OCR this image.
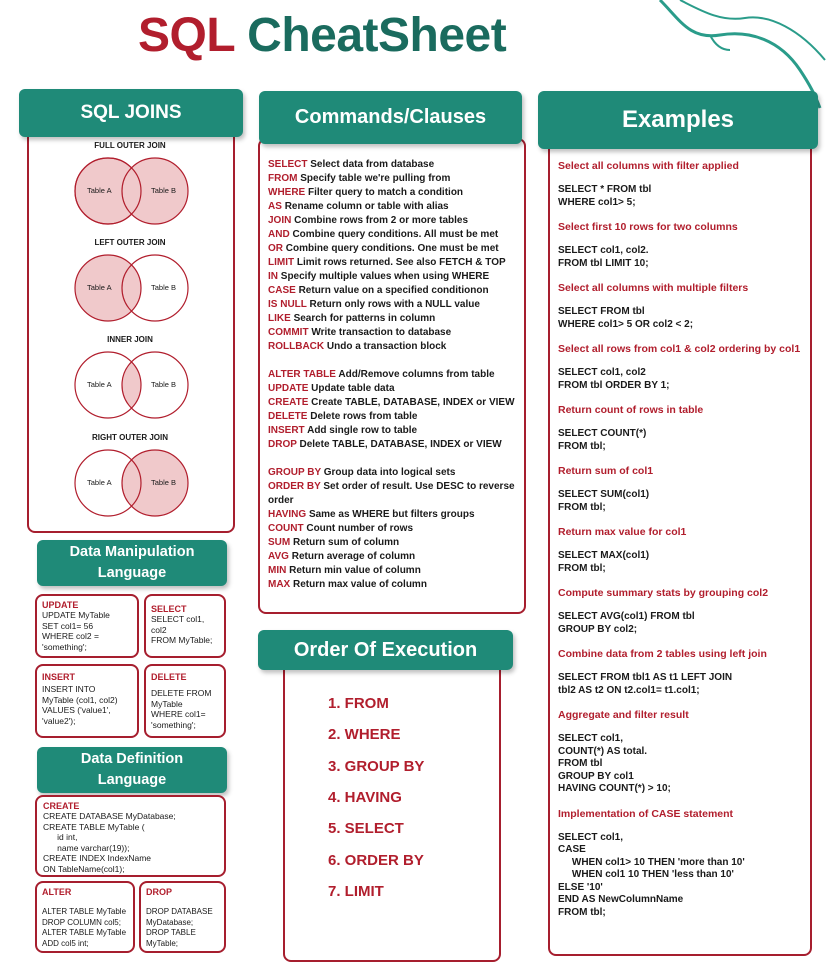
SQL CheatSheet
SQL JOINS
FULL OUTER JOIN
Table A	Table B
LEFT OUTER JOIN
Table A	Table B
INNER JOIN
Table A	Table B
RIGHT OUTER JOIN
Table A	Table B
Data Manipulation Language
UPDATE
UPDATE MyTable
SET col1= 56
WHERE col2 =
'something';
SELECT
SELECT col1,
col2
FROM MyTable;
INSERT
INSERT INTO
MyTable (col1, col2)
VALUES ('value1',
'value2');
DELETE
DELETE FROM
MyTable
WHERE col1=
'something';
Data Definition Language
CREATE
CREATE DATABASE MyDatabase;
CREATE TABLE MyTable (
id int,
name varchar(19));
CREATE INDEX IndexName
ON TableName(col1);
ALTER
ALTER TABLE MyTable
DROP COLUMN col5;
ALTER TABLE MyTable
ADD col5 int;
DROP
DROP DATABASE
MyDatabase;
DROP TABLE
MyTable;
Commands/Clauses
SELECT Select data from database
FROM Specify table we're pulling from
WHERE Filter query to match a condition
AS Rename column or table with alias
JOIN Combine rows from 2 or more tables
AND Combine query conditions. All must be met
OR Combine query conditions. One must be met
LIMIT Limit rows returned. See also FETCH & TOP
IN Specify multiple values when using WHERE
CASE Return value on a specified conditionon
IS NULL Return only rows with a NULL value
LIKE Search for patterns in column
COMMIT Write transaction to database
ROLLBACK Undo a transaction block
ALTER TABLE Add/Remove columns from table
UPDATE Update table data
CREATE Create TABLE, DATABASE, INDEX or VIEW
DELETE Delete rows from table
INSERT Add single row to table
DROP Delete TABLE, DATABASE, INDEX or VIEW
GROUP BY Group data into logical sets
ORDER BY Set order of result. Use DESC to reverse order
HAVING Same as WHERE but filters groups
COUNT Count number of rows
SUM Return sum of column
AVG Return average of column
MIN Return min value of column
MAX Return max value of column
Order Of Execution
1. FROM
2. WHERE
3. GROUP BY
4. HAVING
5. SELECT
6. ORDER BY
7. LIMIT
Examples
Select all columns with filter applied
SELECT * FROM tbl
WHERE col1> 5;
Select first 10 rows for two columns
SELECT col1, col2.
FROM tbl LIMIT 10;
Select all columns with multiple filters
SELECT FROM tbl
WHERE col1> 5 OR col2 < 2;
Select all rows from col1 & col2 ordering by col1
SELECT col1, col2
FROM tbl ORDER BY 1;
Return count of rows in table
SELECT COUNT(*)
FROM tbl;
Return sum of col1
SELECT SUM(col1)
FROM tbl;
Return max value for col1
SELECT MAX(col1)
FROM tbl;
Compute summary stats by grouping col2
SELECT AVG(col1) FROM tbl
GROUP BY col2;
Combine data from 2 tables using left join
SELECT FROM tbl1 AS t1 LEFT JOIN
tbl2 AS t2 ON t2.col1= t1.col1;
Aggregate and filter result
SELECT col1,
COUNT(*) AS total.
FROM tbl
GROUP BY col1
HAVING COUNT(*) > 10;
Implementation of CASE statement
SELECT col1,
CASE
WHEN col1> 10 THEN 'more than 10'
WHEN col1 10 THEN 'less than 10'
ELSE '10'
END AS NewColumnName
FROM tbl;
